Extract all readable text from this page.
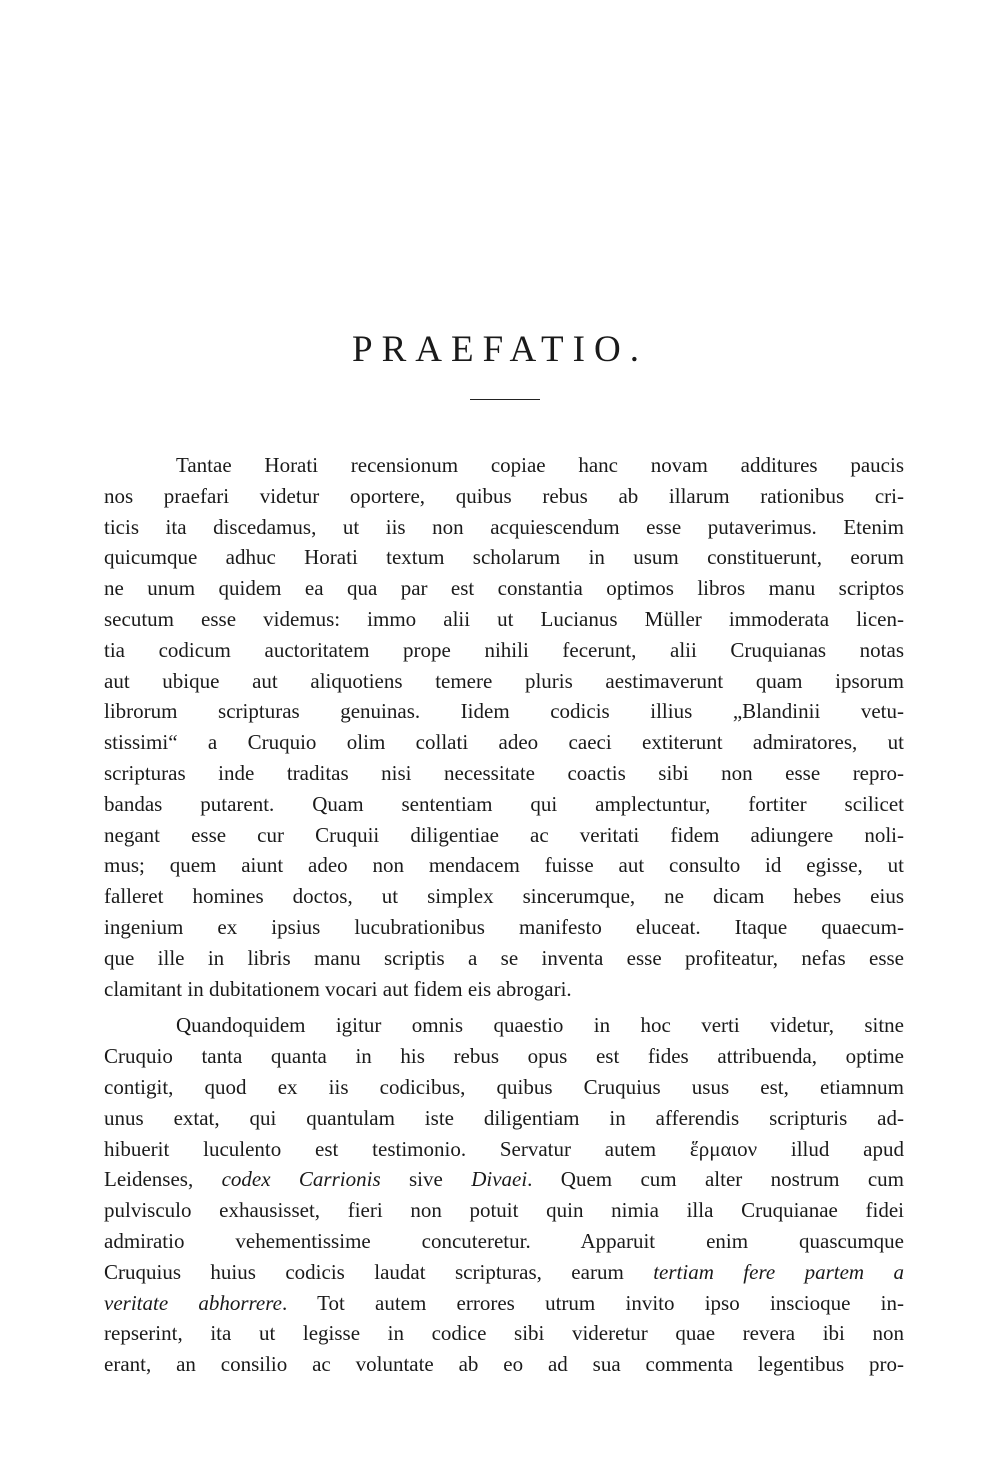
PRAEFATIO.

Tantae Horati recensionum copiae hanc novam additures paucis
nos praefari videtur oportere, quibus rebus ab illarum rationibus cri-
ticis ita discedamus, ut iis non acquiescendum esse putaverimus. Etenim
quicumque adhuc Horati textum scholarum in usum constituerunt, eorum
ne unum quidem ea qua par est constantia optimos libros manu scriptos
secutum esse videmus: immo alii ut Lucianus Müller immoderata licen-
tia codicum auctoritatem prope nihili fecerunt, alii Cruquianas notas
aut ubique aut aliquotiens temere pluris aestimaverunt quam ipsorum
librorum scripturas genuinas. Iidem codicis illius „Blandinii vetu-
stissimi“ a Cruquio olim collati adeo caeci extiterunt admiratores, ut
scripturas inde traditas nisi necessitate coactis sibi non esse repro-
bandas putarent. Quam sententiam qui amplectuntur, fortiter scilicet
negant esse cur Cruquii diligentiae ac veritati fidem adiungere noli-
mus; quem aiunt adeo non mendacem fuisse aut consulto id egisse, ut
falleret homines doctos, ut simplex sincerumque, ne dicam hebes eius
ingenium ex ipsius lucubrationibus manifesto eluceat. Itaque quaecum-
que ille in libris manu scriptis a se inventa esse profiteatur, nefas esse
clamitant in dubitationem vocari aut fidem eis abrogari.

Quandoquidem igitur omnis quaestio in hoc verti videtur, sitne
Cruquio tanta quanta in his rebus opus est fides attribuenda, optime
contigit, quod ex iis codicibus, quibus Cruquius usus est, etiamnum
unus extat, qui quantulam iste diligentiam in afferendis scripturis ad-
hibuerit luculento est testimonio. Servatur autem ἕρμαιον illud apud
Leidenses, codex Carrionis sive Divaei. Quem cum alter nostrum cum
pulvisculo exhausisset, fieri non potuit quin nimia illa Cruquianae fidei
admiratio vehementissime concuteretur. Apparuit enim quascumque
Cruquius huius codicis laudat scripturas, earum tertiam fere partem a
veritate abhorrere. Tot autem errores utrum invito ipso inscioque in-
repserint, ita ut legisse in codice sibi videretur quae revera ibi non
erant, an consilio ac voluntate ab eo ad sua commenta legentibus pro-
